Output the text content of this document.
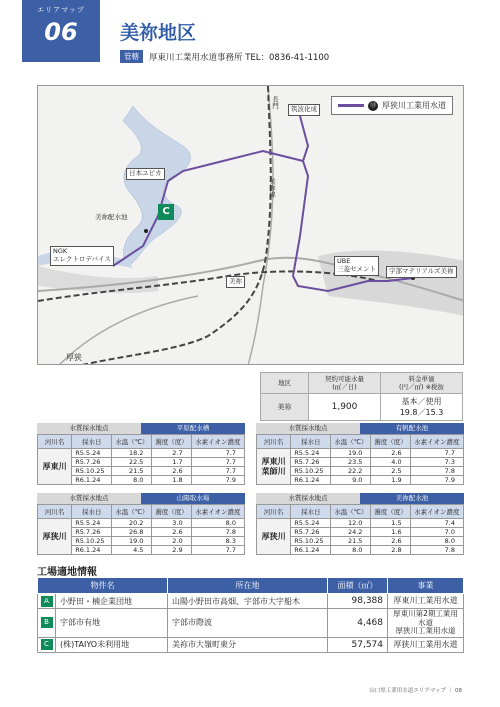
エリアマップ
06	美祢地区
管轄	厚東川工業用水道事務所 TEL：0836-41-1100
⑬ 厚狭川工業用水道
長門	筑波化成
日本ユピカ
美祢配水池	C
美祢線
NGK
エレクトロデバイス	UBE
三菱セメント	宇部マテリアルズ美祢
美祢
厚狭
地区	契約可能水量
(㎥／日)	料金単価
(円／㎥) ※税抜
美祢	1,900	基本／使用
19.8／15.3
水質採水地点	平原配水槽
河川名	採水日	水温（℃）	濁度（度）	水素イオン濃度
厚東川	R5.5.24	18.2	2.7	7.7
	R5.7.26	22.5	1.7	7.7
	R5.10.25	21.5	2.6	7.7
	R6.1.24	8.0	1.8	7.9
水質採水地点	有帆配水池
河川名	採水日	水温（℃）	濁度（度）	水素イオン濃度
厚東川
菜師川	R5.5.24	19.0	2.6	7.7
	R5.7.26	23.5	4.0	7.3
	R5.10.25	22.2	2.5	7.8
	R6.1.24	9.0	1.9	7.9
水質採水地点	山陽取水場
河川名	採水日	水温（℃）	濁度（度）	水素イオン濃度
厚狭川	R5.5.24	20.2	3.0	8.0
	R5.7.26	26.8	2.6	7.8
	R5.10.25	19.0	2.0	8.3
	R6.1.24	4.5	2.9	7.7
水質採水地点	美祢配水池
河川名	採水日	水温（℃）	濁度（度）	水素イオン濃度
厚狭川	R5.5.24	12.0	1.5	7.4
	R5.7.26	24.2	1.6	7.0
	R5.10.25	21.5	2.6	8.0
	R6.1.24	8.0	2.8	7.8
工場適地情報
物件名		所在地	面積（㎡）	事業
A	小野田・楠企業団地	山陽小野田市高畑、宇部市大字船木	98,388	厚東川工業用水道
B	宇部市有地	宇部市際波	4,468	厚東川第2期工業用水道
厚狭川工業用水道
C	(株)TAIYO未利用地	美祢市大嶺町東分	57,574	厚狭川工業用水道
山口県工業用水道エリアマップ ｜ 08
